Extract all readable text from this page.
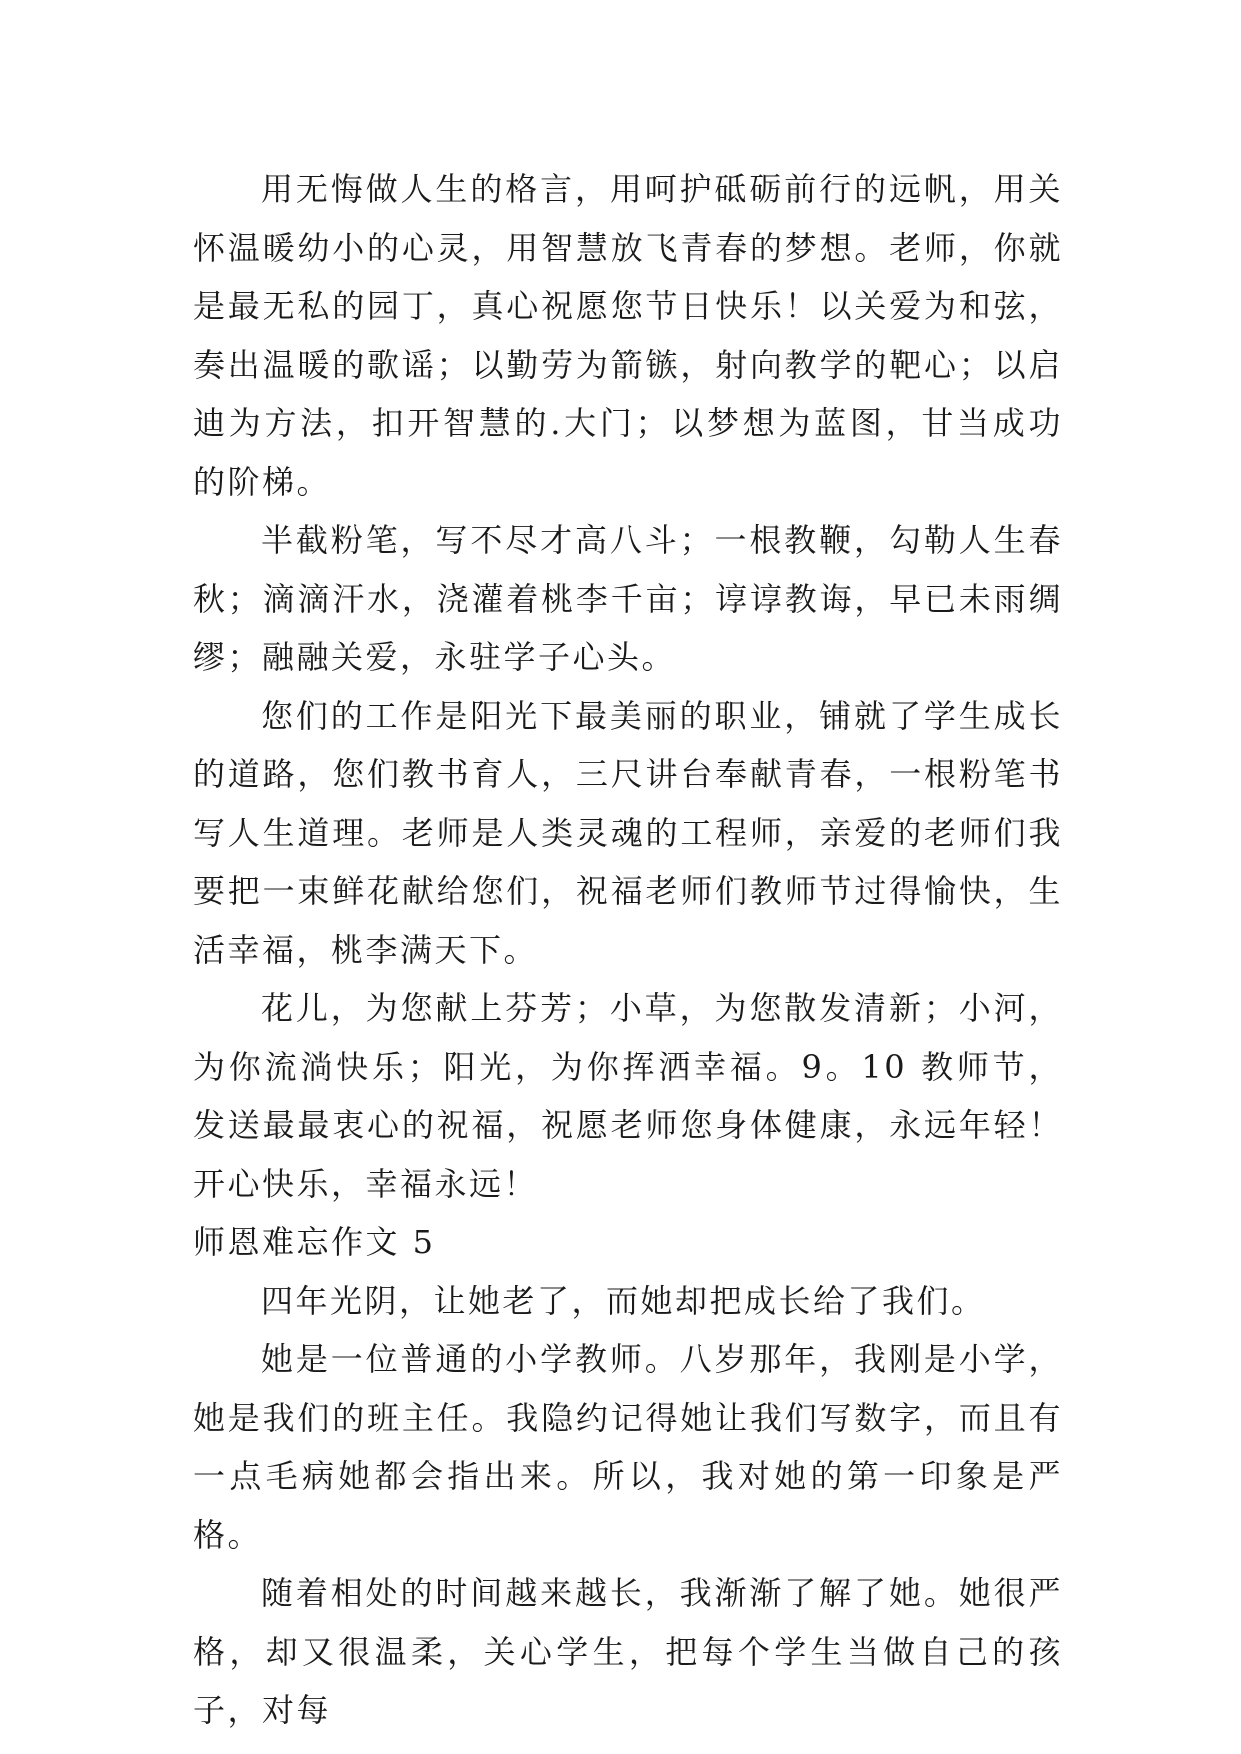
用无悔做人生的格言，用呵护砥砺前行的远帆，用关怀温暖幼小的心灵，用智慧放飞青春的梦想。老师，你就是最无私的园丁，真心祝愿您节日快乐！以关爱为和弦，奏出温暖的歌谣；以勤劳为箭镞，射向教学的靶心；以启迪为方法，扣开智慧的.大门；以梦想为蓝图，甘当成功的阶梯。

半截粉笔，写不尽才高八斗；一根教鞭，勾勒人生春秋；滴滴汗水，浇灌着桃李千亩；谆谆教诲，早已未雨绸缪；融融关爱，永驻学子心头。

您们的工作是阳光下最美丽的职业，铺就了学生成长的道路，您们教书育人，三尺讲台奉献青春，一根粉笔书写人生道理。老师是人类灵魂的工程师，亲爱的老师们我要把一束鲜花献给您们，祝福老师们教师节过得愉快，生活幸福，桃李满天下。

花儿，为您献上芬芳；小草，为您散发清新；小河，为你流淌快乐；阳光，为你挥洒幸福。9。10 教师节，发送最最衷心的祝福，祝愿老师您身体健康，永远年轻！开心快乐，幸福永远！

师恩难忘作文 5

四年光阴，让她老了，而她却把成长给了我们。

她是一位普通的小学教师。八岁那年，我刚是小学，她是我们的班主任。我隐约记得她让我们写数字，而且有一点毛病她都会指出来。所以，我对她的第一印象是严格。

随着相处的时间越来越长，我渐渐了解了她。她很严格，却又很温柔，关心学生，把每个学生当做自己的孩子，对每
